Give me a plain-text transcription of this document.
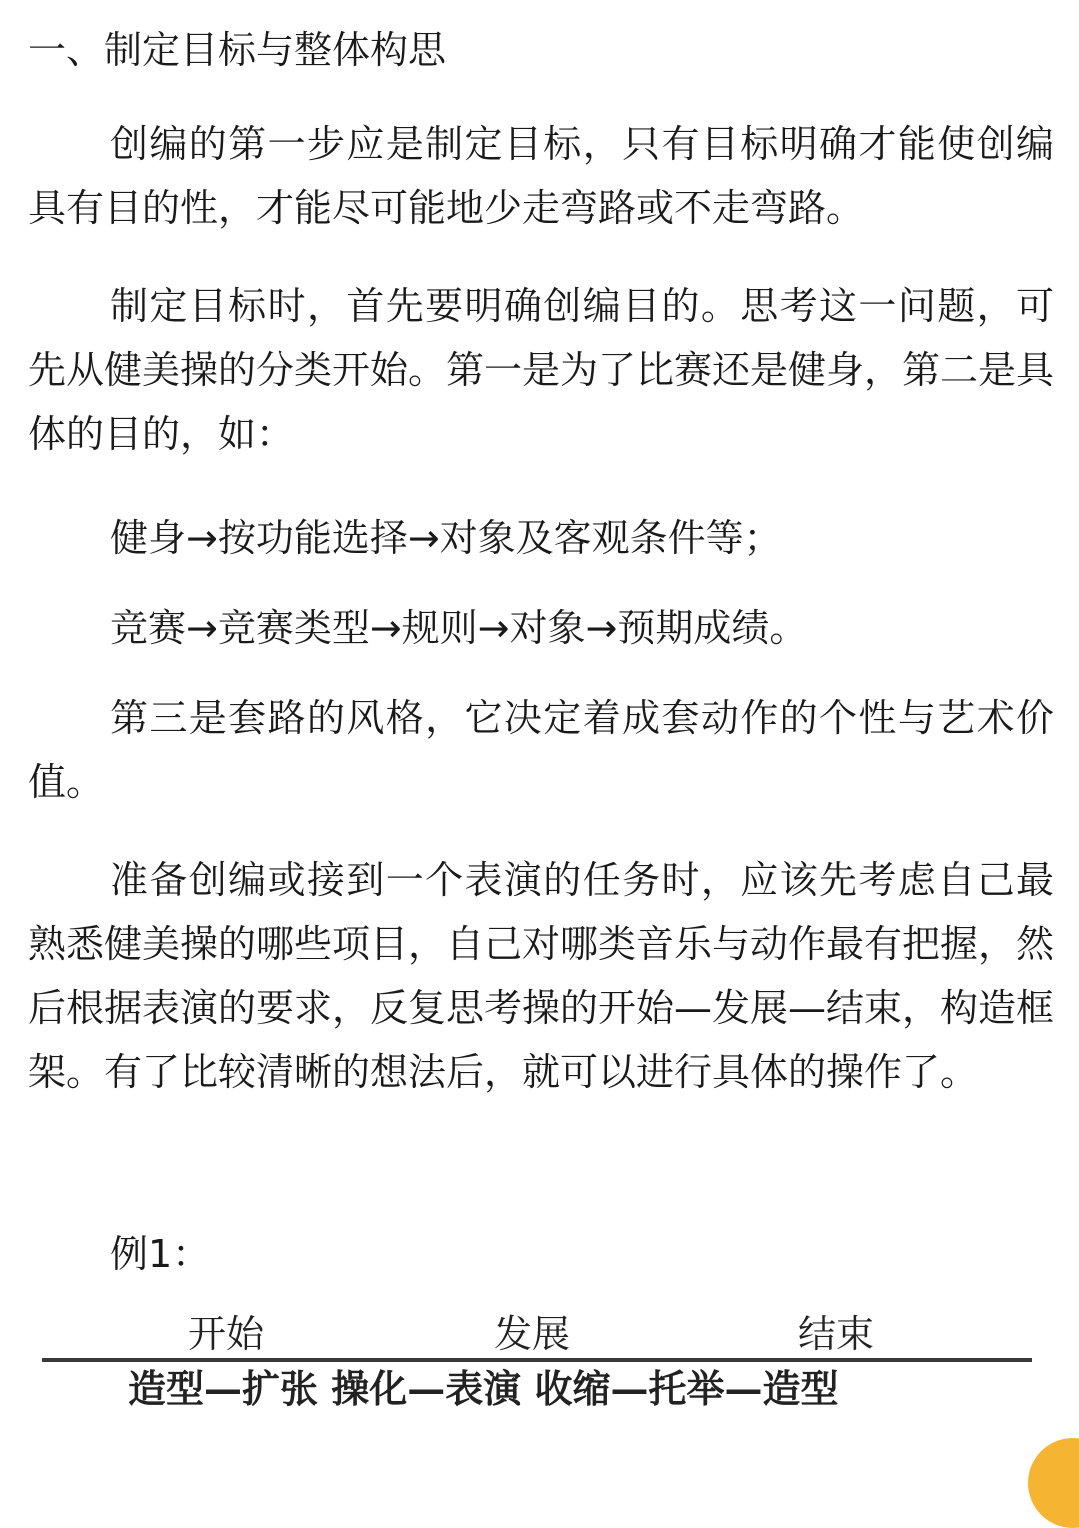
一、制定目标与整体构思

创编的第一步应是制定目标，只有目标明确才能使创编具有目的性，才能尽可能地少走弯路或不走弯路。

制定目标时，首先要明确创编目的。思考这一问题，可先从健美操的分类开始。第一是为了比赛还是健身，第二是具体的目的，如：

健身→按功能选择→对象及客观条件等；
竞赛→竞赛类型→规则→对象→预期成绩。

第三是套路的风格，它决定着成套动作的个性与艺术价值。

准备创编或接到一个表演的任务时，应该先考虑自己最熟悉健美操的哪些项目，自己对哪类音乐与动作最有把握，然后根据表演的要求，反复思考操的开始—发展—结束，构造框架。有了比较清晰的想法后，就可以进行具体的操作了。

例1：
开始	发展	结束
造型—扩张 操化—表演 收缩—托举—造型
